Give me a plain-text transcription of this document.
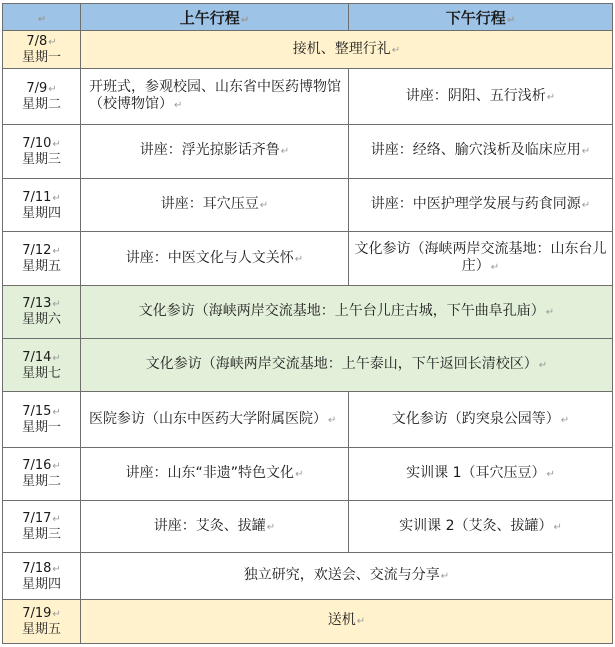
↵	上午行程↵	下午行程↵

7/8↵
星期一	接机、整理行礼↵	

7/9↵
星期二	开班式，参观校园、山东省中医药博物馆（校博物馆）↵	讲座：阴阳、五行浅析↵

7/10↵
星期三	讲座：浮光掠影话齐鲁↵	讲座：经络、腧穴浅析及临床应用↵

7/11↵
星期四	讲座：耳穴压豆↵	讲座：中医护理学发展与药食同源↵

7/12↵
星期五	讲座：中医文化与人文关怀↵	文化参访（海峡两岸交流基地：山东台儿庄）↵

7/13↵
星期六	文化参访（海峡两岸交流基地：上午台儿庄古城，下午曲阜孔庙）↵	

7/14↵
星期七	文化参访（海峡两岸交流基地：上午泰山，下午返回长清校区）↵	

7/15↵
星期一	医院参访（山东中医药大学附属医院）↵	文化参访（趵突泉公园等）↵

7/16↵
星期二	讲座：山东“非遗”特色文化↵	实训课 1（耳穴压豆）↵

7/17↵
星期三	讲座：艾灸、拔罐↵	实训课 2（艾灸、拔罐）↵

7/18↵
星期四	独立研究，欢送会、交流与分享↵	

7/19↵
星期五	送机↵	
